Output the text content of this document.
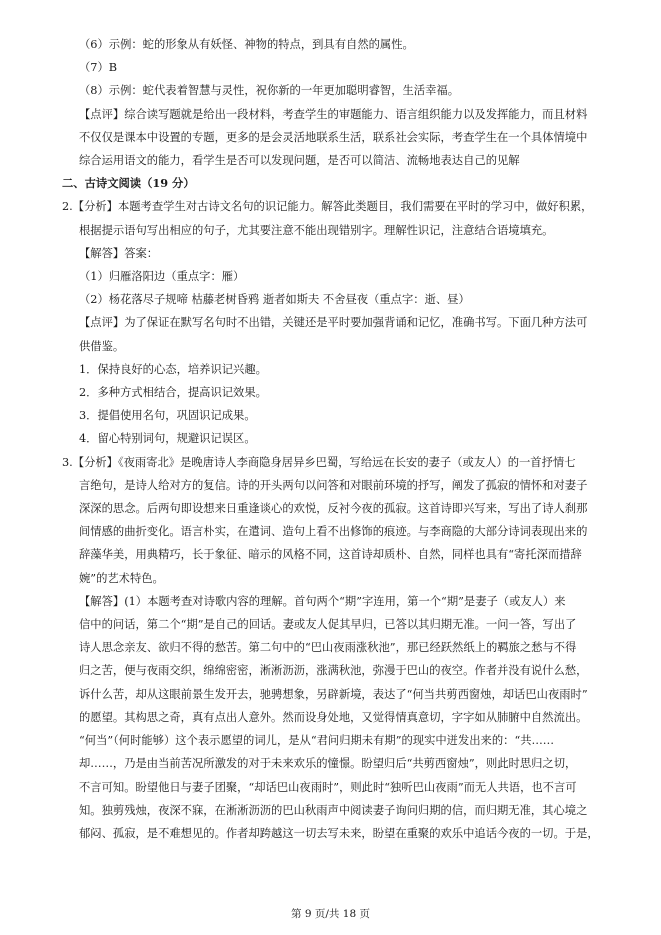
（6）示例：蛇的形象从有妖怪、神物的特点，到具有自然的属性。

（7）B

（8）示例：蛇代表着智慧与灵性，祝你新的一年更加聪明睿智，生活幸福。

【点评】综合读写题就是给出一段材料，考查学生的审题能力、语言组织能力以及发挥能力，而且材料

不仅仅是课本中设置的专题，更多的是会灵活地联系生活，联系社会实际，考查学生在一个具体情境中

综合运用语文的能力，看学生是否可以发现问题，是否可以简洁、流畅地表达自己的见解

二、古诗文阅读（19 分）

2.【分析】本题考查学生对古诗文名句的识记能力。解答此类题目，我们需要在平时的学习中，做好积累，

根据提示语句写出相应的句子，尤其要注意不能出现错别字。理解性识记，注意结合语境填充。

【解答】答案：

（1）归雁洛阳边（重点字：雁）

（2）杨花落尽子规啼 枯藤老树昏鸦 逝者如斯夫 不舍昼夜（重点字：逝、昼）

【点评】为了保证在默写名句时不出错，关键还是平时要加强背诵和记忆，准确书写。下面几种方法可

供借鉴。

1．保持良好的心态，培养识记兴趣。

2．多种方式相结合，提高识记效果。

3．提倡使用名句，巩固识记成果。

4．留心特别词句，规避识记误区。

3.【分析】《夜雨寄北》是晚唐诗人李商隐身居异乡巴蜀，写给远在长安的妻子（或友人）的一首抒情七

言绝句，是诗人给对方的复信。诗的开头两句以问答和对眼前环境的抒写，阐发了孤寂的情怀和对妻子

深深的思念。后两句即设想来日重逢谈心的欢悦，反衬今夜的孤寂。这首诗即兴写来，写出了诗人刹那

间情感的曲折变化。语言朴实，在遣词、造句上看不出修饰的痕迹。与李商隐的大部分诗词表现出来的

辞藻华美，用典精巧，长于象征、暗示的风格不同，这首诗却质朴、自然，同样也具有“寄托深而措辞

婉”的艺术特色。

【解答】(1）本题考查对诗歌内容的理解。首句两个“期”字连用，第一个“期”是妻子（或友人）来

信中的问话，第二个“期”是自己的回话。妻或友人促其早归，已答以其归期无准。一问一答，写出了

诗人思念亲友、欲归不得的愁苦。第二句中的“巴山夜雨涨秋池”，那已经跃然纸上的羁旅之愁与不得

归之苦，便与夜雨交织，绵绵密密，淅淅沥沥，涨满秋池，弥漫于巴山的夜空。作者并没有说什么愁，

诉什么苦，却从这眼前景生发开去，驰骋想象，另辟新境，表达了“何当共剪西窗烛，却话巴山夜雨时”

的愿望。其构思之奇，真有点出人意外。然而设身处地，又觉得情真意切，字字如从肺腑中自然流出。

“何当”（何时能够）这个表示愿望的词儿，是从“君问归期未有期”的现实中迸发出来的：“共……

却……，乃是由当前苦况所激发的对于未来欢乐的憧憬。盼望归后“共剪西窗烛”，则此时思归之切，

不言可知。盼望他日与妻子团聚，“却话巴山夜雨时”，则此时“独听巴山夜雨”而无人共语，也不言可

知。独剪残烛，夜深不寐，在淅淅沥沥的巴山秋雨声中阅读妻子询问归期的信，而归期无准，其心境之

郁闷、孤寂，是不难想见的。作者却跨越这一切去写未来，盼望在重聚的欢乐中追话今夜的一切。于是，

第 9 页/共 18 页
